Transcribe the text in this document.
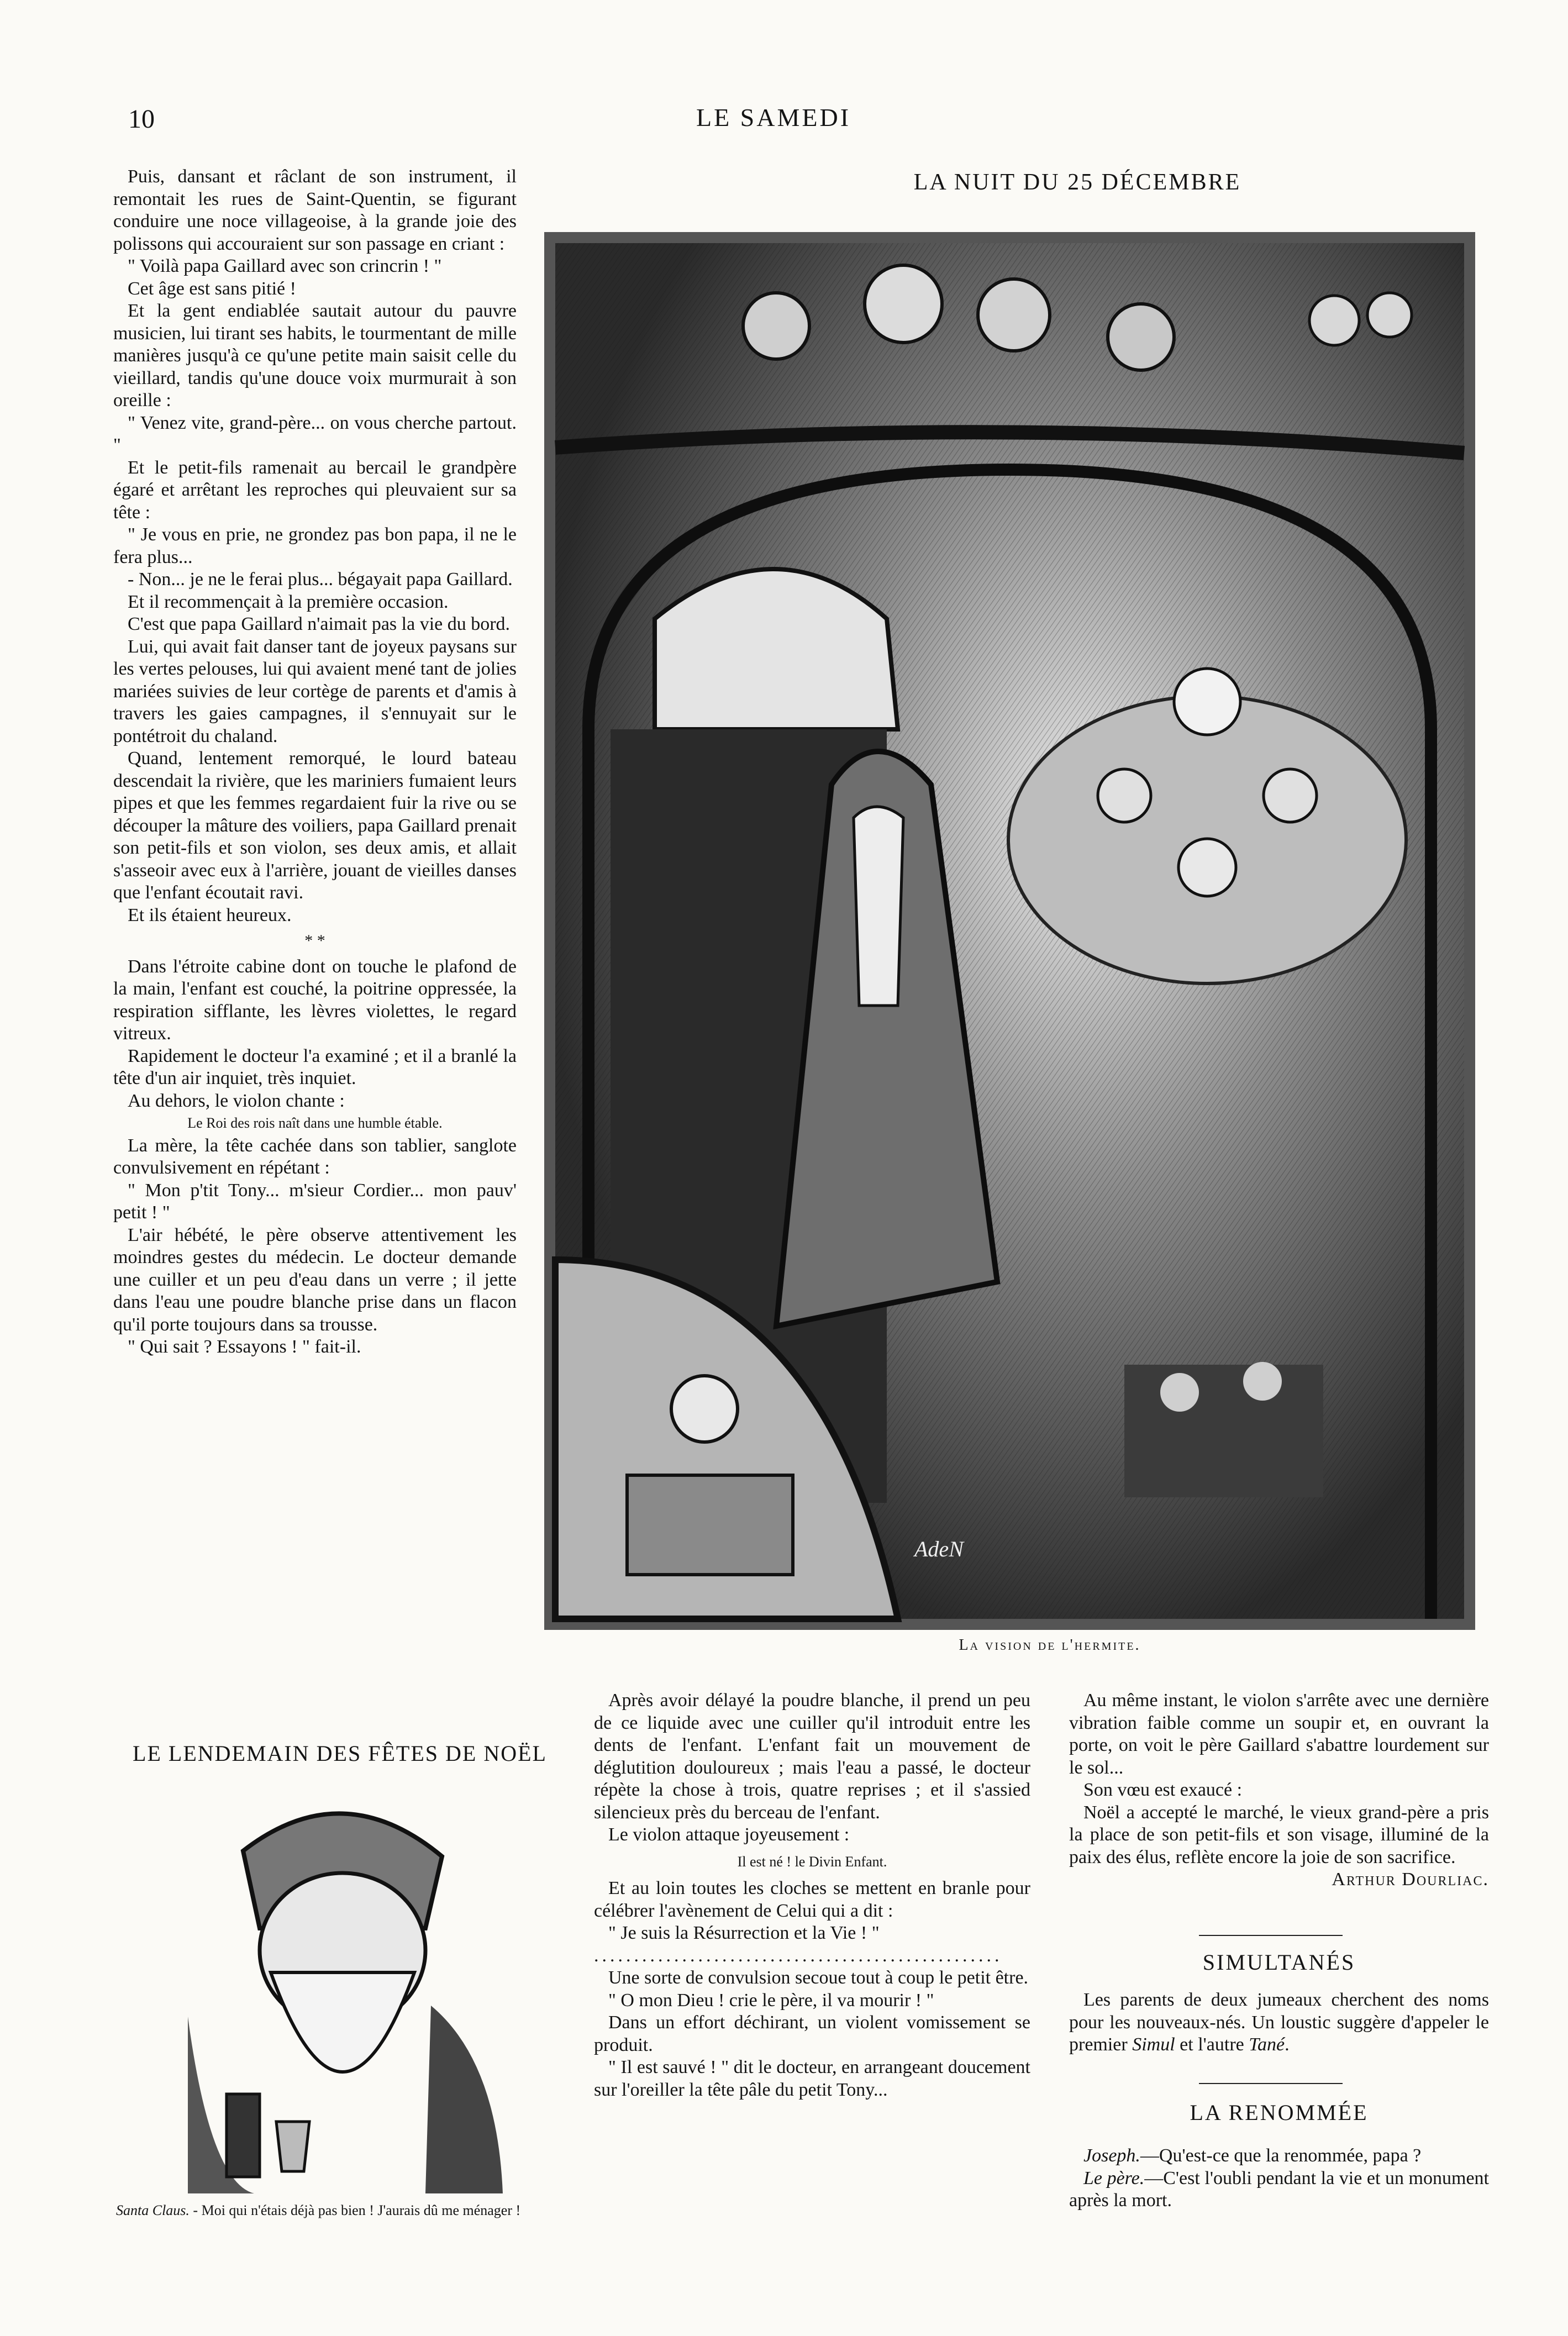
10	LE SAMEDI

Puis, dansant et râclant de son instrument, il remontait les rues de Saint-Quentin, se figurant conduire une noce villageoise, à la grande joie des polissons qui accouraient sur son passage en criant :

" Voilà papa Gaillard avec son crincrin ! "

Cet âge est sans pitié !

Et la gent endiablée sautait autour du pauvre musicien, lui tirant ses habits, le tourmentant de mille manières jusqu'à ce qu'une petite main saisit celle du vieillard, tandis qu'une douce voix murmurait à son oreille :

" Venez vite, grand-père... on vous cherche partout. "

Et le petit-fils ramenait au bercail le grandpère égaré et arrêtant les reproches qui pleuvaient sur sa tête :

" Je vous en prie, ne grondez pas bon papa, il ne le fera plus...

- Non... je ne le ferai plus... bégayait papa Gaillard.

Et il recommençait à la première occasion.

C'est que papa Gaillard n'aimait pas la vie du bord.

Lui, qui avait fait danser tant de joyeux paysans sur les vertes pelouses, lui qui avaient mené tant de jolies mariées suivies de leur cortège de parents et d'amis à travers les gaies campagnes, il s'ennuyait sur le pontétroit du chaland.

Quand, lentement remorqué, le lourd bateau descendait la rivière, que les mariniers fumaient leurs pipes et que les femmes regardaient fuir la rive ou se découper la mâture des voiliers, papa Gaillard prenait son petit-fils et son violon, ses deux amis, et allait s'asseoir avec eux à l'arrière, jouant de vieilles danses que l'enfant écoutait ravi.

Et ils étaient heureux.

* *

Dans l'étroite cabine dont on touche le plafond de la main, l'enfant est couché, la poitrine oppressée, la respiration sifflante, les lèvres violettes, le regard vitreux.

Rapidement le docteur l'a examiné ; et il a branlé la tête d'un air inquiet, très inquiet.

Au dehors, le violon chante :

Le Roi des rois naît dans une humble étable.

La mère, la tête cachée dans son tablier, sanglote convulsivement en répétant :

" Mon p'tit Tony... m'sieur Cordier... mon pauv' petit ! "

L'air hébété, le père observe attentivement les moindres gestes du médecin. Le docteur demande une cuiller et un peu d'eau dans un verre ; il jette dans l'eau une poudre blanche prise dans un flacon qu'il porte toujours dans sa trousse.

" Qui sait ? Essayons ! " fait-il.

LA NUIT DU 25 DÉCEMBRE
AdeN
La vision de l'hermite.

Après avoir délayé la poudre blanche, il prend un peu de ce liquide avec une cuiller qu'il introduit entre les dents de l'enfant. L'enfant fait un mouvement de déglutition douloureux ; mais l'eau a passé, le docteur répète la chose à trois, quatre reprises ; et il s'assied silencieux près du berceau de l'enfant.

Le violon attaque joyeusement :

Il est né ! le Divin Enfant.

Et au loin toutes les cloches se mettent en branle pour célébrer l'avènement de Celui qui a dit :

" Je suis la Résurrection et la Vie ! "

...................................................

Une sorte de convulsion secoue tout à coup le petit être.

" O mon Dieu ! crie le père, il va mourir ! "

Dans un effort déchirant, un violent vomissement se produit.

" Il est sauvé ! " dit le docteur, en arrangeant doucement sur l'oreiller la tête pâle du petit Tony...

Au même instant, le violon s'arrête avec une dernière vibration faible comme un soupir et, en ouvrant la porte, on voit le père Gaillard s'abattre lourdement sur le sol...

Son vœu est exaucé :

Noël a accepté le marché, le vieux grand-père a pris la place de son petit-fils et son visage, illuminé de la paix des élus, reflète encore la joie de son sacrifice.

Arthur Dourliac.

SIMULTANÉS

Les parents de deux jumeaux cherchent des noms pour les nouveaux-nés. Un loustic suggère d'appeler le premier Simul et l'autre Tané.

LA RENOMMÉE

Joseph.—Qu'est-ce que la renommée, papa ?

Le père.—C'est l'oubli pendant la vie et un monument après la mort.

LE LENDEMAIN DES FÊTES DE NOËL
Santa Claus. - Moi qui n'étais déjà pas bien ! J'aurais dû me ménager !
